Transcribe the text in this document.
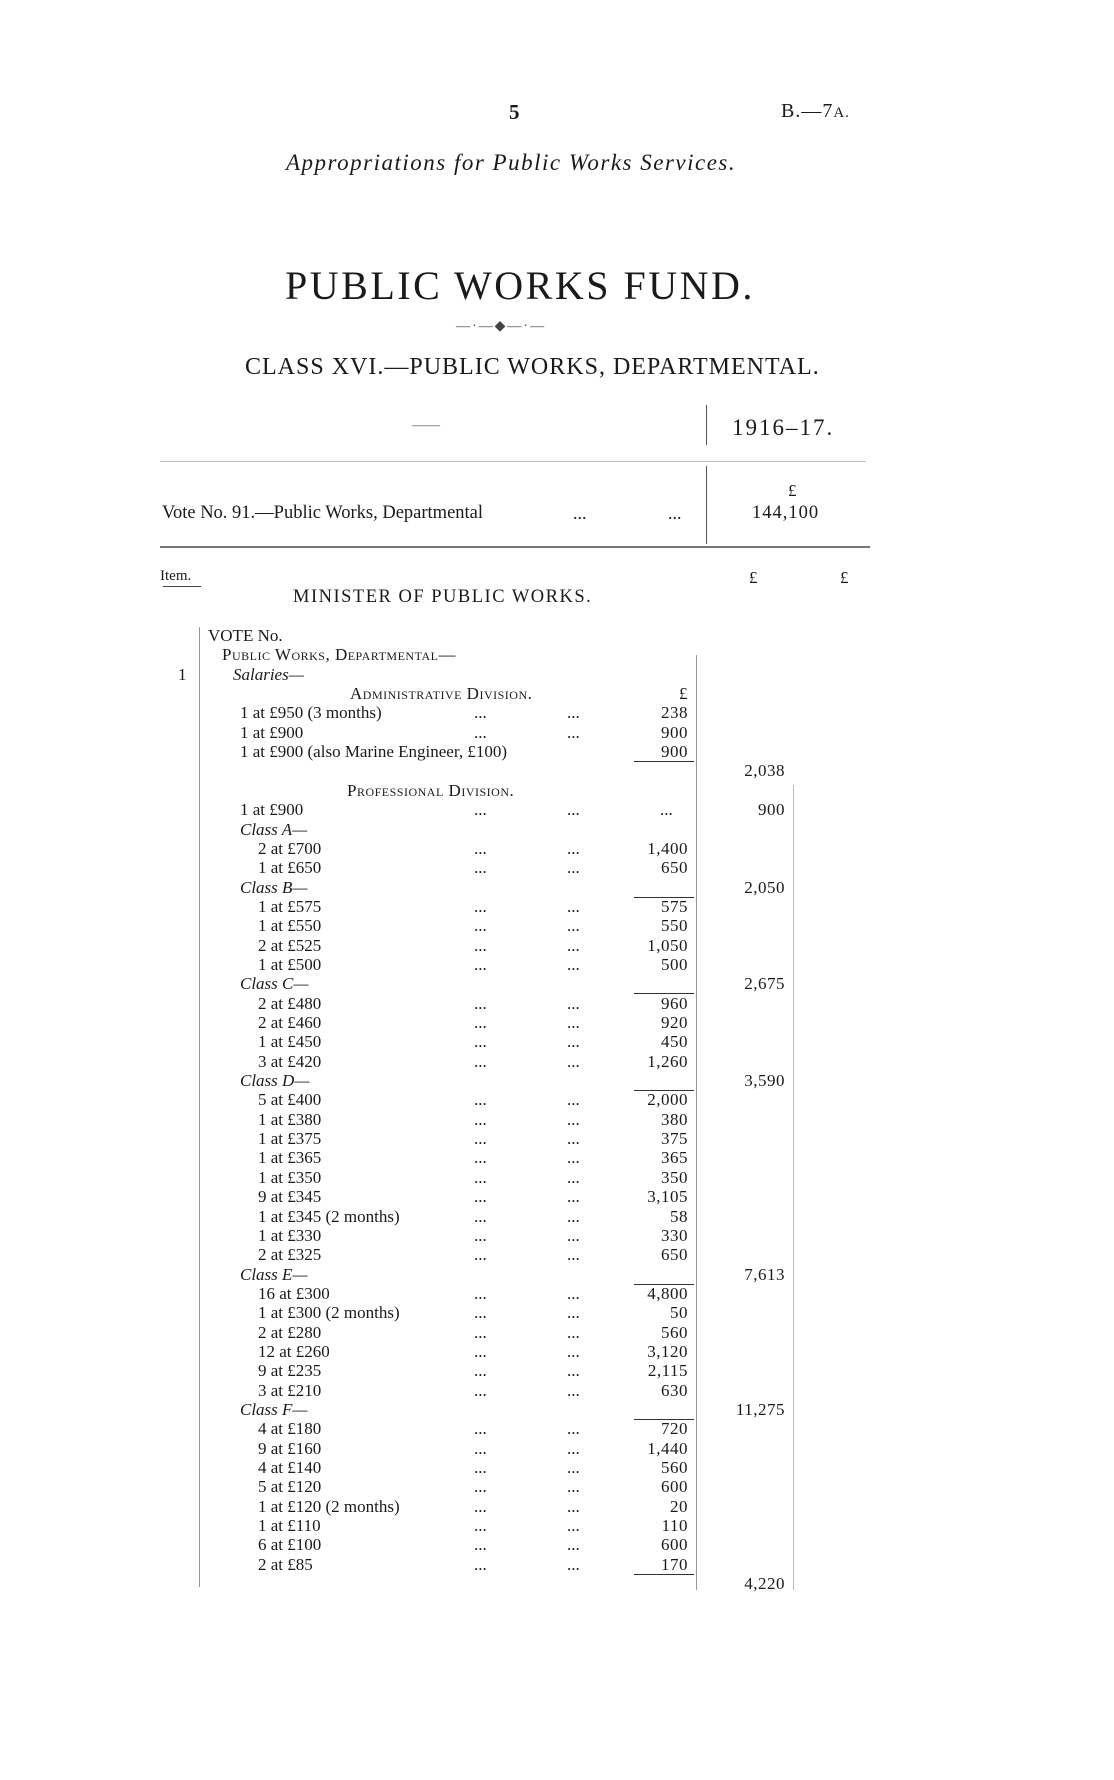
5	B.—7A.
Appropriations for Public Works Services.
PUBLIC WORKS FUND.
—·—◆—·—
CLASS XVI.—PUBLIC WORKS, DEPARTMENTAL.
——	1916–17.
£
Vote No. 91.—Public Works, Departmental	...	...	144,100
Item.	£	£
MINISTER OF PUBLIC WORKS.
VOTE No.
Public Works, Departmental—
1	Salaries—
Administrative Division.	£
1 at £950 (3 months)	...	...	238
1 at £900	...	...	900
1 at £900 (also Marine Engineer, £100)	900
2,038
Professional Division.
1 at £900	...	...	...	900
Class A—
2 at £700	...	...	1,400
1 at £650	...	...	650
Class B—	2,050
1 at £575	...	...	575
1 at £550	...	...	550
2 at £525	...	...	1,050
1 at £500	...	...	500
Class C—	2,675
2 at £480	...	...	960
2 at £460	...	...	920
1 at £450	...	...	450
3 at £420	...	...	1,260
Class D—	3,590
5 at £400	...	...	2,000
1 at £380	...	...	380
1 at £375	...	...	375
1 at £365	...	...	365
1 at £350	...	...	350
9 at £345	...	...	3,105
1 at £345 (2 months)	...	...	58
1 at £330	...	...	330
2 at £325	...	...	650
Class E—	7,613
16 at £300	...	...	4,800
1 at £300 (2 months)	...	...	50
2 at £280	...	...	560
12 at £260	...	...	3,120
9 at £235	...	...	2,115
3 at £210	...	...	630
Class F—	11,275
4 at £180	...	...	720
9 at £160	...	...	1,440
4 at £140	...	...	560
5 at £120	...	...	600
1 at £120 (2 months)	...	...	20
1 at £110	...	...	110
6 at £100	...	...	600
2 at £85	...	...	170
4,220
